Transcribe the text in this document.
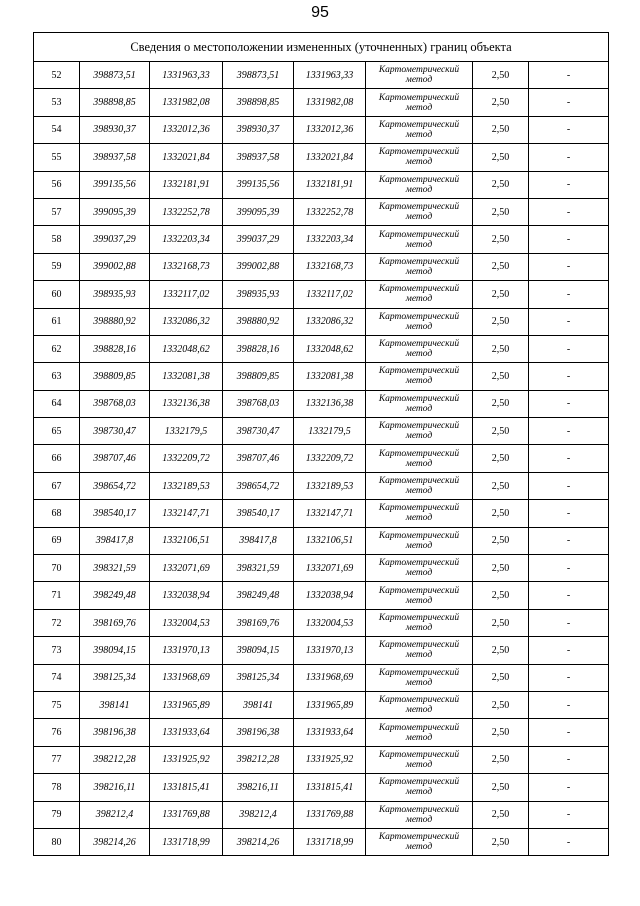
95
Сведения о местоположении измененных (уточненных) границ объекта							
52	398873,51	1331963,33	398873,51	1331963,33	Картометрический метод	2,50	-
53	398898,85	1331982,08	398898,85	1331982,08	Картометрический метод	2,50	-
54	398930,37	1332012,36	398930,37	1332012,36	Картометрический метод	2,50	-
55	398937,58	1332021,84	398937,58	1332021,84	Картометрический метод	2,50	-
56	399135,56	1332181,91	399135,56	1332181,91	Картометрический метод	2,50	-
57	399095,39	1332252,78	399095,39	1332252,78	Картометрический метод	2,50	-
58	399037,29	1332203,34	399037,29	1332203,34	Картометрический метод	2,50	-
59	399002,88	1332168,73	399002,88	1332168,73	Картометрический метод	2,50	-
60	398935,93	1332117,02	398935,93	1332117,02	Картометрический метод	2,50	-
61	398880,92	1332086,32	398880,92	1332086,32	Картометрический метод	2,50	-
62	398828,16	1332048,62	398828,16	1332048,62	Картометрический метод	2,50	-
63	398809,85	1332081,38	398809,85	1332081,38	Картометрический метод	2,50	-
64	398768,03	1332136,38	398768,03	1332136,38	Картометрический метод	2,50	-
65	398730,47	1332179,5	398730,47	1332179,5	Картометрический метод	2,50	-
66	398707,46	1332209,72	398707,46	1332209,72	Картометрический метод	2,50	-
67	398654,72	1332189,53	398654,72	1332189,53	Картометрический метод	2,50	-
68	398540,17	1332147,71	398540,17	1332147,71	Картометрический метод	2,50	-
69	398417,8	1332106,51	398417,8	1332106,51	Картометрический метод	2,50	-
70	398321,59	1332071,69	398321,59	1332071,69	Картометрический метод	2,50	-
71	398249,48	1332038,94	398249,48	1332038,94	Картометрический метод	2,50	-
72	398169,76	1332004,53	398169,76	1332004,53	Картометрический метод	2,50	-
73	398094,15	1331970,13	398094,15	1331970,13	Картометрический метод	2,50	-
74	398125,34	1331968,69	398125,34	1331968,69	Картометрический метод	2,50	-
75	398141	1331965,89	398141	1331965,89	Картометрический метод	2,50	-
76	398196,38	1331933,64	398196,38	1331933,64	Картометрический метод	2,50	-
77	398212,28	1331925,92	398212,28	1331925,92	Картометрический метод	2,50	-
78	398216,11	1331815,41	398216,11	1331815,41	Картометрический метод	2,50	-
79	398212,4	1331769,88	398212,4	1331769,88	Картометрический метод	2,50	-
80	398214,26	1331718,99	398214,26	1331718,99	Картометрический метод	2,50	-
